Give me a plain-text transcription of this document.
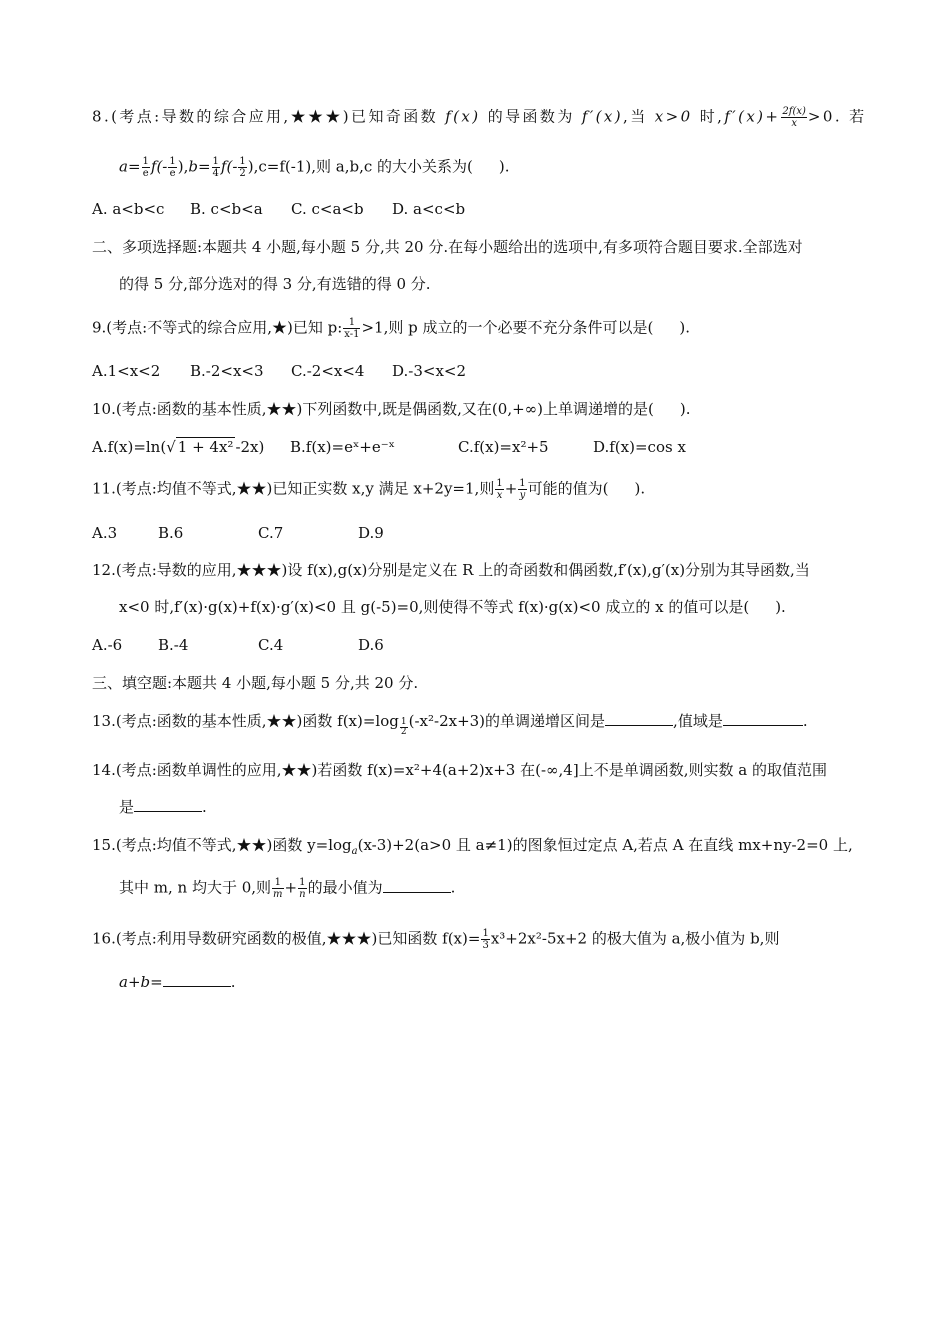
8.(考点:导数的综合应用,★★★)已知奇函数 f(x) 的导函数为 f′(x),当 x>0 时$,f'(x)+ \frac{2f(x)}{x} >0$. 若
$a= \frac{1}{e} f(- \frac{1}{e} ),b= \frac{1}{4} f(- \frac{1}{2} ),c=f(-1)$,则 a,b,c 的大小关系为( ).
A. a<b<c B. c<b<a C. c<a<b D. a<c<b
二、多项选择题:本题共 4 小题,每小题 5 分,共 20 分.在每小题给出的选项中,有多项符合题目要求.全部选对
的得 5 分,部分选对的得 3 分,有选错的得 0 分.
9.(考点:不等式的综合应用,★)已知 p: $\frac{1}{x-1} >1$,则 p 成立的一个必要不充分条件可以是( ).
A.1<x<2 B.-2<x<3 C.-2<x<4 D.-3<x<2
10.(考点:函数的基本性质,★★)下列函数中,既是偶函数,又在(0,+∞)上单调递增的是( ).
A.f(x)=ln(√ 1 + 4x² -2x) B.f(x)=eˣ+e⁻ˣ	C.f(x)=x²+5	D.f(x)=cos x
11.(考点:均值不等式,★★)已知正实数 x,y 满足 x+2y=1,则 $\frac{1}{x} + \frac{1}{y}$ 可能的值为( ).
A.3	B.6	C.7	D.9
12.(考点:导数的应用,★★★)设 f(x),g(x)分别是定义在 R 上的奇函数和偶函数,f′(x),g′(x)分别为其导函数,当
x<0 时,f′(x)·g(x)+f(x)·g′(x)<0 且 g(-5)=0,则使得不等式 f(x)·g(x)<0 成立的 x 的值可以是( ).
A.-6 B.-4	C.4	D.6
三、填空题:本题共 4 小题,每小题 5 分,共 20 分.
13.(考点:函数的基本性质,★★)函数 $f(x)=\log \frac{1}{2} (-x^2-2x+3)$的单调递增区间是	,值域是	.
14.(考点:函数单调性的应用,★★)若函数 f(x)=x²+4(a+2)x+3 在(-∞,4]上不是单调函数,则实数 a 的取值范围
是	.
15.(考点:均值不等式,★★)函数 $y=\log_a(x-3)+2(a>0$ 且 a≠1)的图象恒过定点 A,若点 A 在直线 mx+ny-2=0 上,
其中 m, n 均大于 0,则 $\frac{1}{m} + \frac{1}{n}$ 的最小值为	.
16.(考点:利用导数研究函数的极值,★★★)已知函数 $f(x)= \frac{1}{3} x^3+2x^2-5x+2$ 的极大值为 a,极小值为 b,则
a+b=	.
